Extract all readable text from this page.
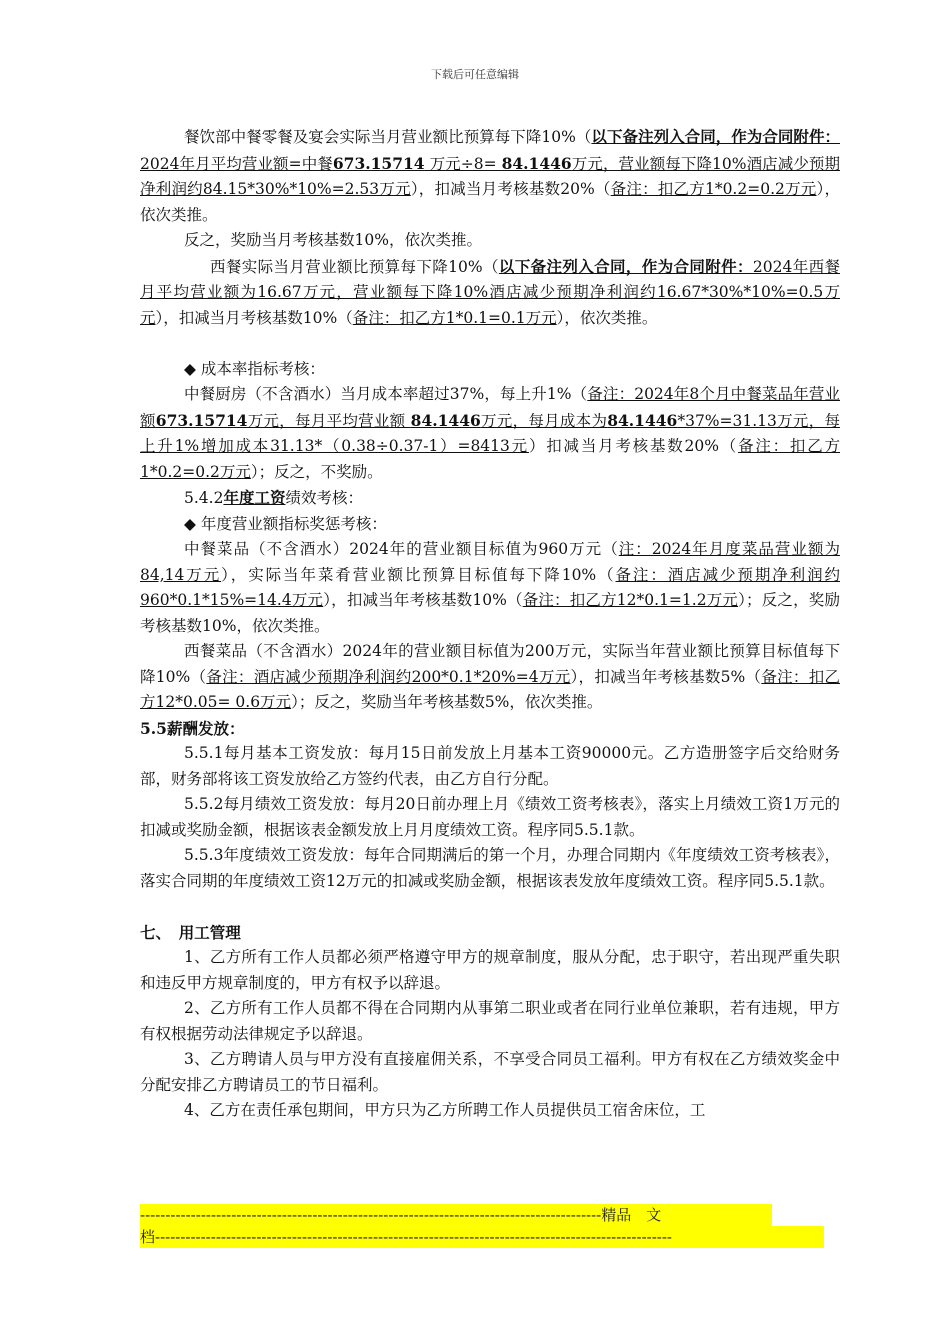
下载后可任意编辑

餐饮部中餐零餐及宴会实际当月营业额比预算每下降10%（以下备注列入合同，作为合同附件：2024年月平均营业额=中餐673.15714 万元÷8= 84.1446万元，营业额每下降10%酒店减少预期净利润约84.15*30%*10%=2.53万元），扣减当月考核基数20%（备注：扣乙方1*0.2=0.2万元），依次类推。

反之，奖励当月考核基数10%，依次类推。

西餐实际当月营业额比预算每下降10%（以下备注列入合同，作为合同附件：2024年西餐月平均营业额为16.67万元，营业额每下降10%酒店减少预期净利润约16.67*30%*10%=0.5万元），扣减当月考核基数10%（备注：扣乙方1*0.1=0.1万元），依次类推。

◆ 成本率指标考核：

中餐厨房（不含酒水）当月成本率超过37%，每上升1%（备注：2024年8个月中餐菜品年营业额673.15714万元，每月平均营业额 84.1446万元，每月成本为84.1446*37%=31.13万元，每上升1%增加成本31.13*（0.38÷0.37-1）=8413元）扣减当月考核基数20%（备注：扣乙方1*0.2=0.2万元）；反之，不奖励。

5.4.2年度工资绩效考核：

◆ 年度营业额指标奖惩考核：

中餐菜品（不含酒水）2024年的营业额目标值为960万元（注：2024年月度菜品营业额为84,14万元），实际当年菜肴营业额比预算目标值每下降10%（备注：酒店减少预期净利润约960*0.1*15%=14.4万元），扣减当年考核基数10%（备注：扣乙方12*0.1=1.2万元）；反之，奖励考核基数10%，依次类推。

西餐菜品（不含酒水）2024年的营业额目标值为200万元，实际当年营业额比预算目标值每下降10%（备注：酒店减少预期净利润约200*0.1*20%=4万元），扣减当年考核基数5%（备注：扣乙方12*0.05= 0.6万元）；反之，奖励当年考核基数5%，依次类推。

5.5薪酬发放：

5.5.1每月基本工资发放：每月15日前发放上月基本工资90000元。乙方造册签字后交给财务部，财务部将该工资发放给乙方签约代表，由乙方自行分配。

5.5.2每月绩效工资发放：每月20日前办理上月《绩效工资考核表》，落实上月绩效工资1万元的扣减或奖励金额，根据该表金额发放上月月度绩效工资。程序同5.5.1款。

5.5.3年度绩效工资发放：每年合同期满后的第一个月，办理合同期内《年度绩效工资考核表》，落实合同期的年度绩效工资12万元的扣减或奖励金额，根据该表发放年度绩效工资。程序同5.5.1款。

七、　用工管理

1、乙方所有工作人员都必须严格遵守甲方的规章制度，服从分配，忠于职守，若出现严重失职和违反甲方规章制度的，甲方有权予以辞退。

2、乙方所有工作人员都不得在合同期内从事第二职业或者在同行业单位兼职，若有违规，甲方有权根据劳动法律规定予以辞退。

3、乙方聘请人员与甲方没有直接雇佣关系，不享受合同员工福利。甲方有权在乙方绩效奖金中分配安排乙方聘请员工的节日福利。

4、乙方在责任承包期间，甲方只为乙方所聘工作人员提供员工宿舍床位，工

-------------------------------------------------------------------------------------------精品　文
档------------------------------------------------------------------------------------------------------
